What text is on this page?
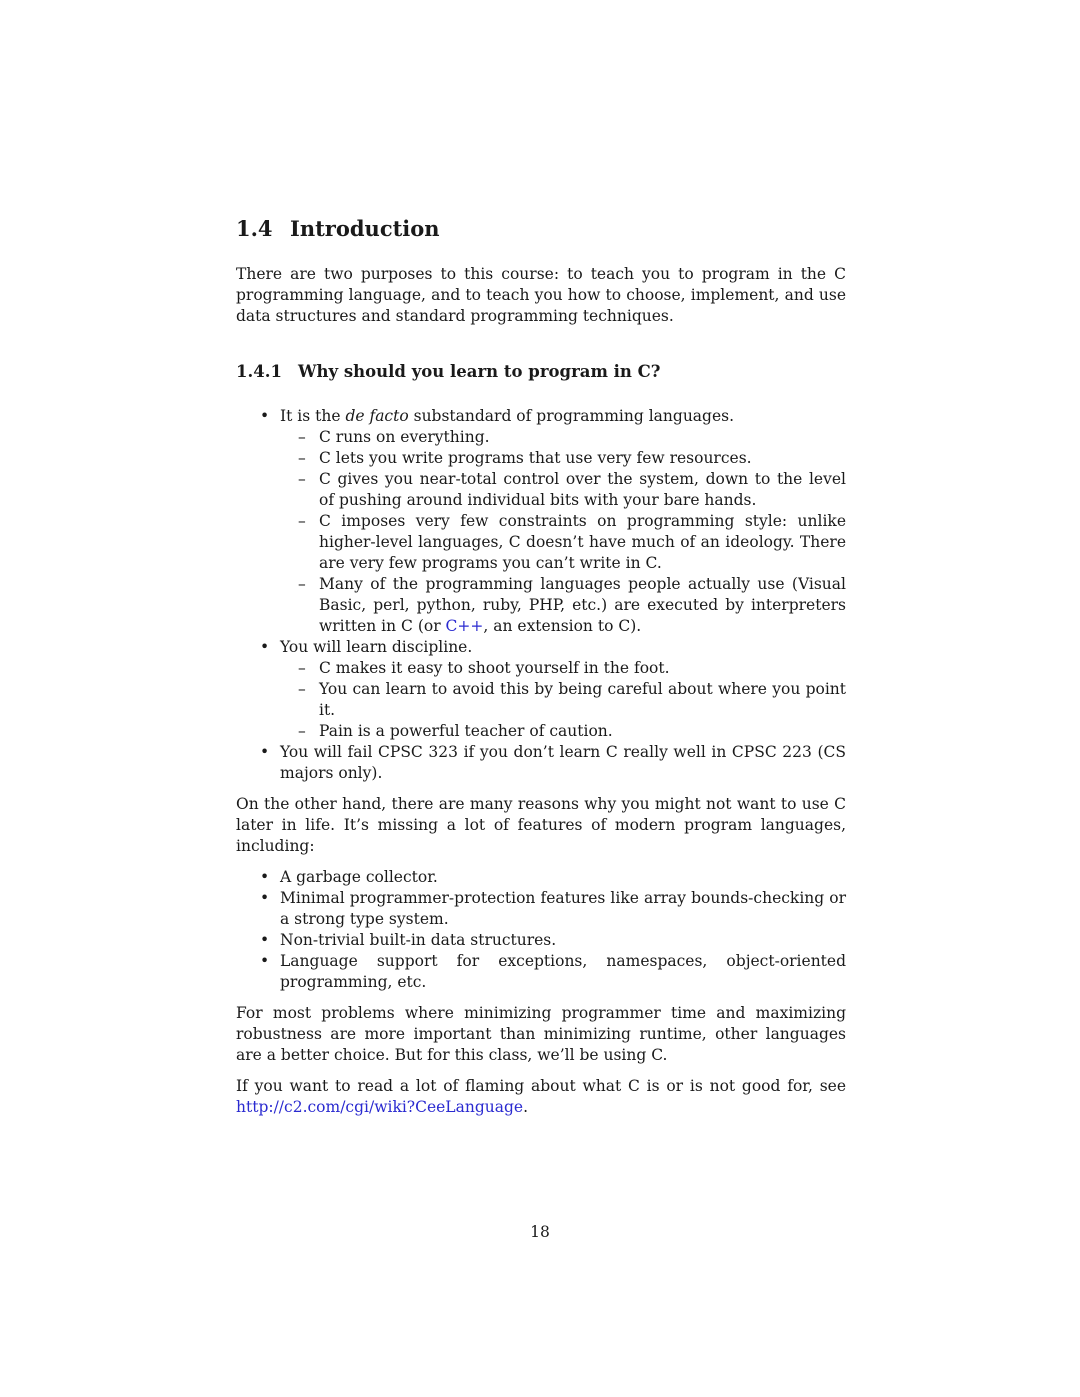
1.4 Introduction

There are two purposes to this course: to teach you to program in the C programming language, and to teach you how to choose, implement, and use data structures and standard programming techniques.

1.4.1 Why should you learn to program in C?
• It is the de facto substandard of programming languages.
– C runs on everything.
– C lets you write programs that use very few resources.
– C gives you near-total control over the system, down to the level of pushing around individual bits with your bare hands.
– C imposes very few constraints on programming style: unlike higher-level languages, C doesn’t have much of an ideology. There are very few programs you can’t write in C.
– Many of the programming languages people actually use (Visual Basic, perl, python, ruby, PHP, etc.) are executed by interpreters written in C (or C++, an extension to C).
• You will learn discipline.
– C makes it easy to shoot yourself in the foot.
– You can learn to avoid this by being careful about where you point it.
– Pain is a powerful teacher of caution.
• You will fail CPSC 323 if you don’t learn C really well in CPSC 223 (CS majors only).

On the other hand, there are many reasons why you might not want to use C later in life. It’s missing a lot of features of modern program languages, including:

• A garbage collector.
• Minimal programmer-protection features like array bounds-checking or a strong type system.
• Non-trivial built-in data structures.
• Language support for exceptions, namespaces, object-oriented programming, etc.

For most problems where minimizing programmer time and maximizing robustness are more important than minimizing runtime, other languages are a better choice. But for this class, we’ll be using C.

If you want to read a lot of flaming about what C is or is not good for, see http://c2.com/cgi/wiki?CeeLanguage.

18
